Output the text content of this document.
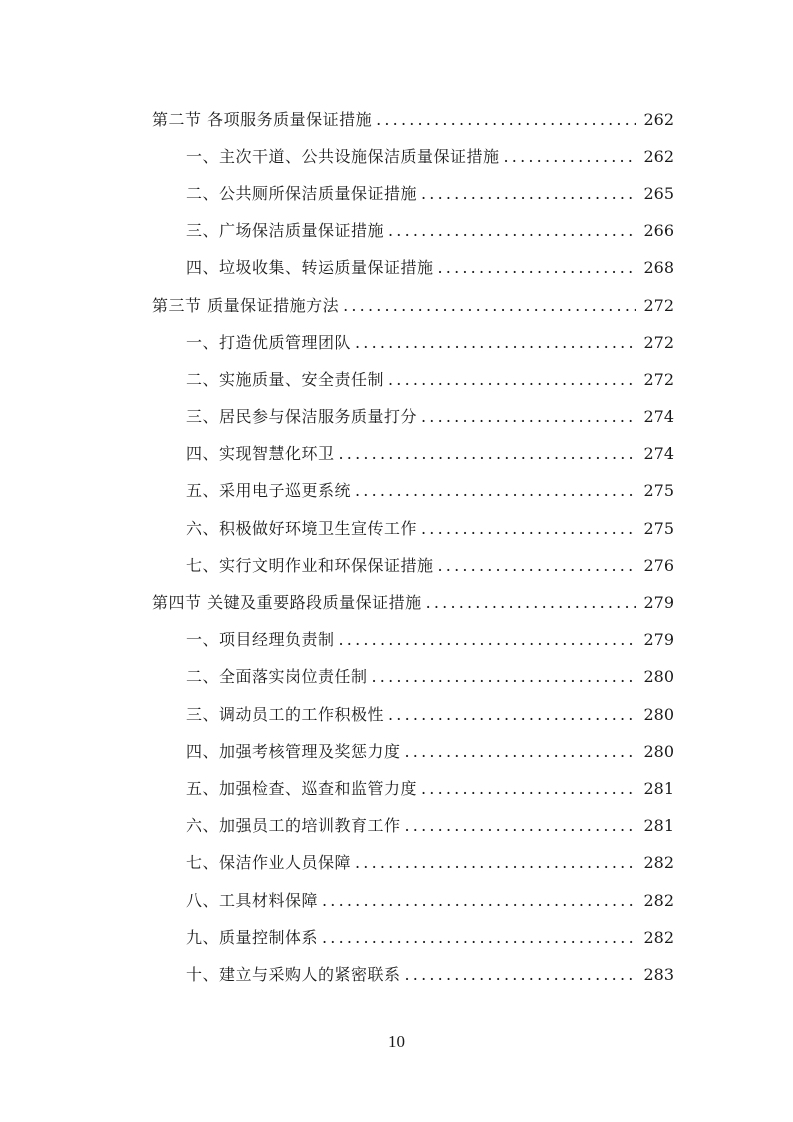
第二节 各项服务质量保证措施 .....	262
一、主次干道、公共设施保洁质量保证措施 .....	262
二、公共厕所保洁质量保证措施 .....	265
三、广场保洁质量保证措施 .....	266
四、垃圾收集、转运质量保证措施 .....	268
第三节 质量保证措施方法 .....	272
一、打造优质管理团队 .....	272
二、实施质量、安全责任制 .....	272
三、居民参与保洁服务质量打分 .....	274
四、实现智慧化环卫 .....	274
五、采用电子巡更系统 .....	275
六、积极做好环境卫生宣传工作 .....	275
七、实行文明作业和环保保证措施 .....	276
第四节 关键及重要路段质量保证措施 .....	279
一、项目经理负责制 .....	279
二、全面落实岗位责任制 .....	280
三、调动员工的工作积极性 .....	280
四、加强考核管理及奖惩力度 .....	280
五、加强检查、巡查和监管力度 .....	281
六、加强员工的培训教育工作 .....	281
七、保洁作业人员保障 .....	282
八、工具材料保障 .....	282
九、质量控制体系 .....	282
十、建立与采购人的紧密联系 .....	283
10
